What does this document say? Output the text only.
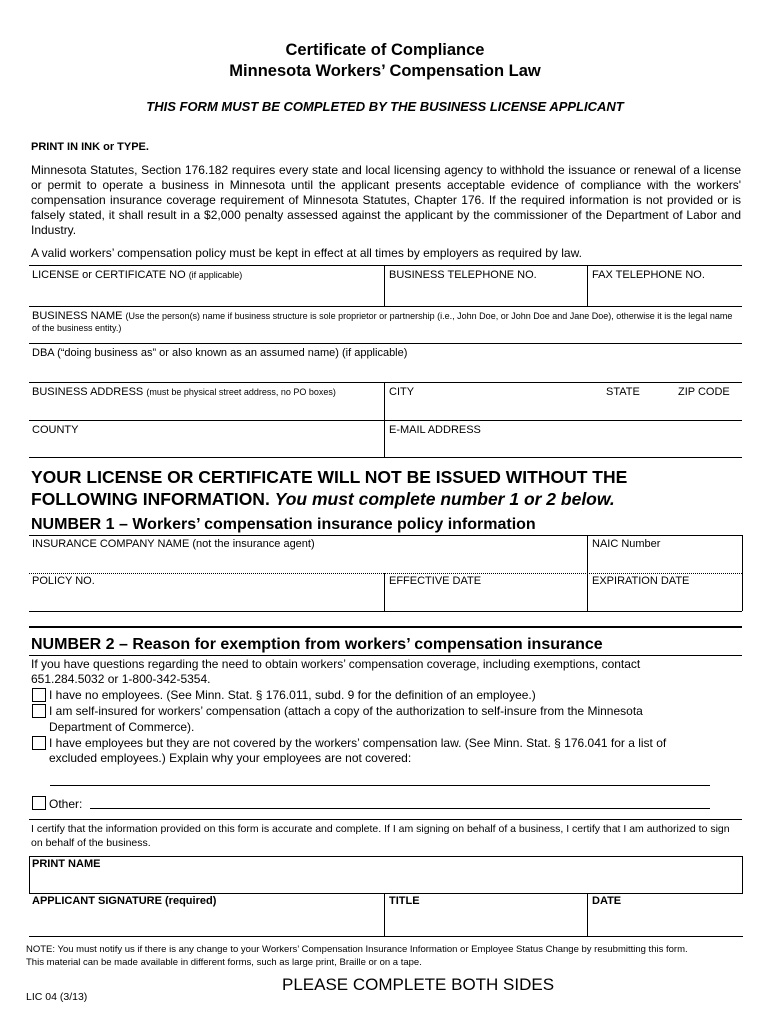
Certificate of Compliance
Minnesota Workers’ Compensation Law
THIS FORM MUST BE COMPLETED BY THE BUSINESS LICENSE APPLICANT
PRINT IN INK or TYPE.
Minnesota Statutes, Section 176.182 requires every state and local licensing agency to withhold the issuance or renewal of a license or permit to operate a business in Minnesota until the applicant presents acceptable evidence of compliance with the workers' compensation insurance coverage requirement of Minnesota Statutes, Chapter 176. If the required information is not provided or is falsely stated, it shall result in a $2,000 penalty assessed against the applicant by the commissioner of the Department of Labor and Industry.
A valid workers’ compensation policy must be kept in effect at all times by employers as required by law.
LICENSE or CERTIFICATE NO (if applicable)	BUSINESS TELEPHONE NO.	FAX TELEPHONE NO.
BUSINESS NAME (Use the person(s) name if business structure is sole proprietor or partnership (i.e., John Doe, or John Doe and Jane Doe), otherwise it is the legal name of the business entity.)
DBA (“doing business as” or also known as an assumed name) (if applicable)
BUSINESS ADDRESS (must be physical street address, no PO boxes)	CITY	STATE	ZIP CODE
COUNTY	E-MAIL ADDRESS
YOUR LICENSE OR CERTIFICATE WILL NOT BE ISSUED WITHOUT THE
FOLLOWING INFORMATION. You must complete number 1 or 2 below.
NUMBER 1 – Workers’ compensation insurance policy information
INSURANCE COMPANY NAME (not the insurance agent)	NAIC Number
POLICY NO.	EFFECTIVE DATE	EXPIRATION DATE
NUMBER 2 – Reason for exemption from workers’ compensation insurance
If you have questions regarding the need to obtain workers’ compensation coverage, including exemptions, contact
651.284.5032 or 1-800-342-5354.
I have no employees. (See Minn. Stat. § 176.011, subd. 9 for the definition of an employee.)
I am self-insured for workers’ compensation (attach a copy of the authorization to self-insure from the Minnesota
Department of Commerce).
I have employees but they are not covered by the workers’ compensation law. (See Minn. Stat. § 176.041 for a list of
excluded employees.) Explain why your employees are not covered:
Other:
I certify that the information provided on this form is accurate and complete. If I am signing on behalf of a business, I certify that I am authorized to sign on behalf of the business.
PRINT NAME
APPLICANT SIGNATURE (required)	TITLE	DATE
NOTE: You must notify us if there is any change to your Workers’ Compensation Insurance Information or Employee Status Change by resubmitting this form.
This material can be made available in different forms, such as large print, Braille or on a tape.
LIC 04 (3/13)
PLEASE COMPLETE BOTH SIDES
